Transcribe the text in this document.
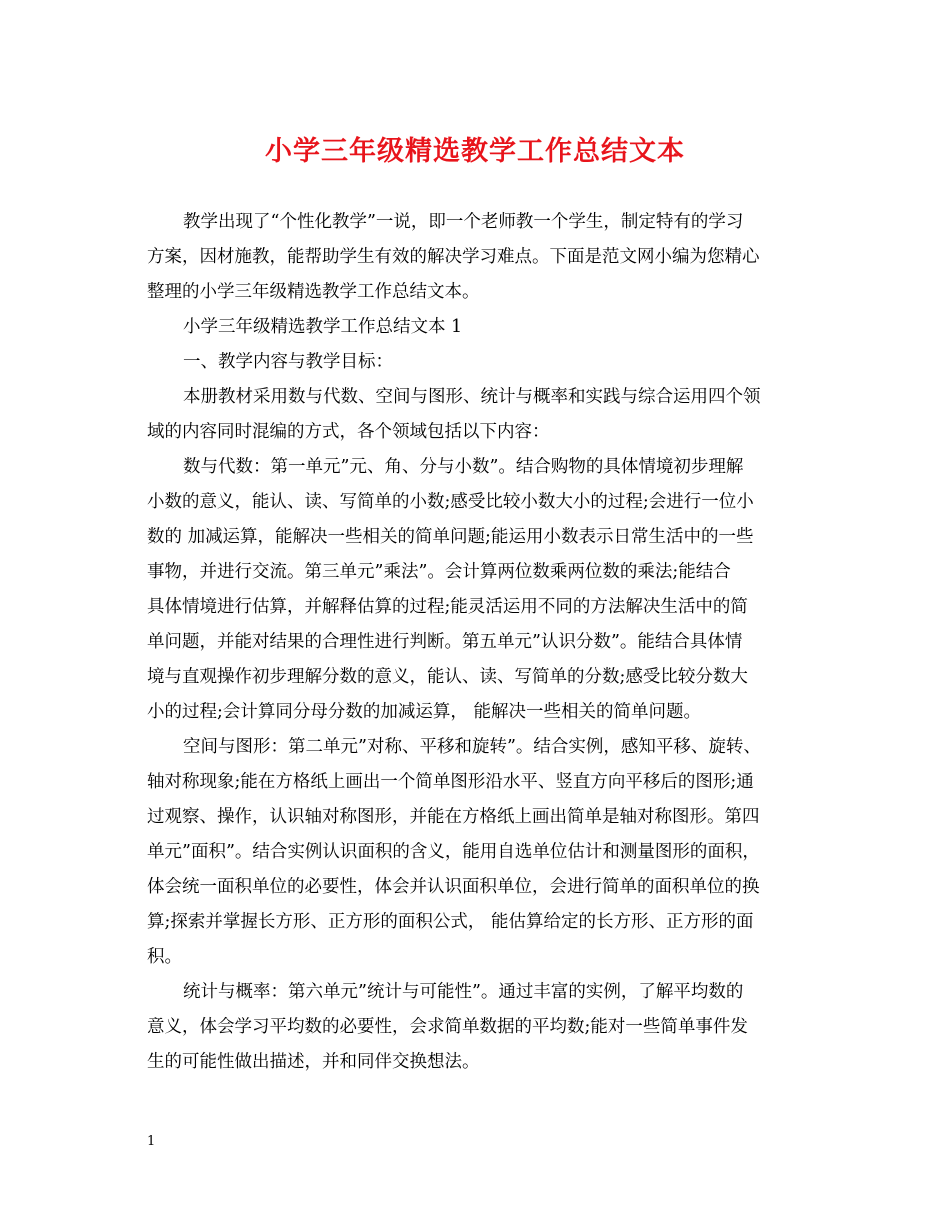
小学三年级精选教学工作总结文本
教学出现了“个性化教学”一说，即一个老师教一个学生，制定特有的学习
方案，因材施教，能帮助学生有效的解决学习难点。下面是范文网小编为您精心
整理的小学三年级精选教学工作总结文本。
小学三年级精选教学工作总结文本 1
一、教学内容与教学目标：
本册教材采用数与代数、空间与图形、统计与概率和实践与综合运用四个领
域的内容同时混编的方式，各个领域包括以下内容：
数与代数：第一单元”元、角、分与小数”。结合购物的具体情境初步理解
小数的意义，能认、读、写简单的小数;感受比较小数大小的过程;会进行一位小
数的 加减运算，能解决一些相关的简单问题;能运用小数表示日常生活中的一些
事物，并进行交流。第三单元”乘法”。会计算两位数乘两位数的乘法;能结合
具体情境进行估算，并解释估算的过程;能灵活运用不同的方法解决生活中的简
单问题，并能对结果的合理性进行判断。第五单元”认识分数”。能结合具体情
境与直观操作初步理解分数的意义，能认、读、写简单的分数;感受比较分数大
小的过程;会计算同分母分数的加减运算， 能解决一些相关的简单问题。
空间与图形：第二单元”对称、平移和旋转”。结合实例，感知平移、旋转、
轴对称现象;能在方格纸上画出一个简单图形沿水平、竖直方向平移后的图形;通
过观察、操作，认识轴对称图形，并能在方格纸上画出简单是轴对称图形。第四
单元”面积”。结合实例认识面积的含义，能用自选单位估计和测量图形的面积，
体会统一面积单位的必要性，体会并认识面积单位，会进行简单的面积单位的换
算;探索并掌握长方形、正方形的面积公式， 能估算给定的长方形、正方形的面
积。
统计与概率：第六单元”统计与可能性”。通过丰富的实例，了解平均数的
意义，体会学习平均数的必要性，会求简单数据的平均数;能对一些简单事件发
生的可能性做出描述，并和同伴交换想法。
1
